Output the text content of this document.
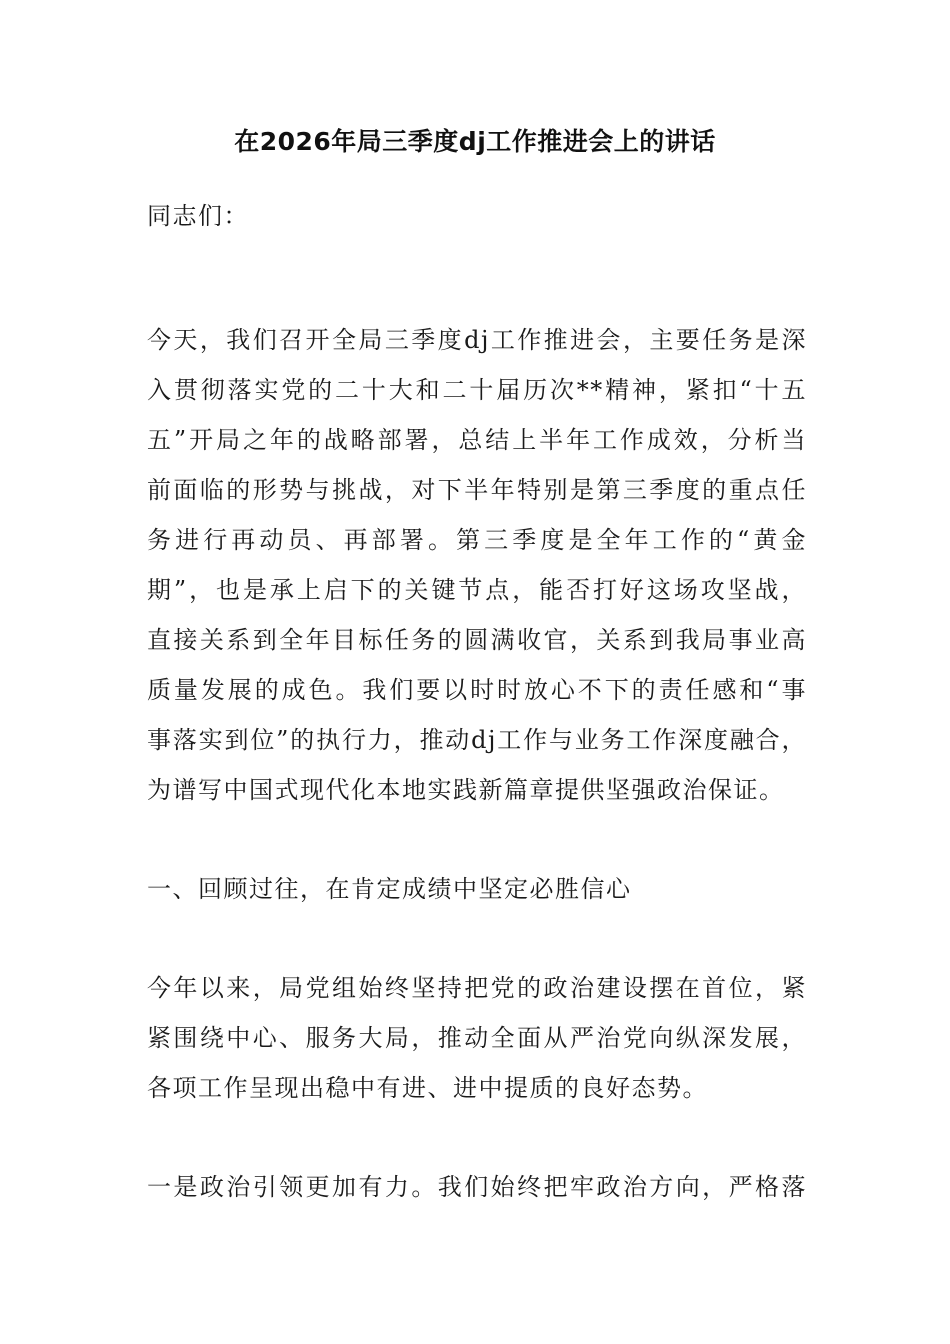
在2026年局三季度dj工作推进会上的讲话
同志们：
今天，我们召开全局三季度dj工作推进会，主要任务是深
入贯彻落实党的二十大和二十届历次**精神，紧扣“十五
五”开局之年的战略部署，总结上半年工作成效，分析当
前面临的形势与挑战，对下半年特别是第三季度的重点任
务进行再动员、再部署。第三季度是全年工作的“黄金
期”，也是承上启下的关键节点，能否打好这场攻坚战，
直接关系到全年目标任务的圆满收官，关系到我局事业高
质量发展的成色。我们要以时时放心不下的责任感和“事
事落实到位”的执行力，推动dj工作与业务工作深度融合，
为谱写中国式现代化本地实践新篇章提供坚强政治保证。
一、回顾过往，在肯定成绩中坚定必胜信心
今年以来，局党组始终坚持把党的政治建设摆在首位，紧
紧围绕中心、服务大局，推动全面从严治党向纵深发展，
各项工作呈现出稳中有进、进中提质的良好态势。
一是政治引领更加有力。我们始终把牢政治方向，严格落
